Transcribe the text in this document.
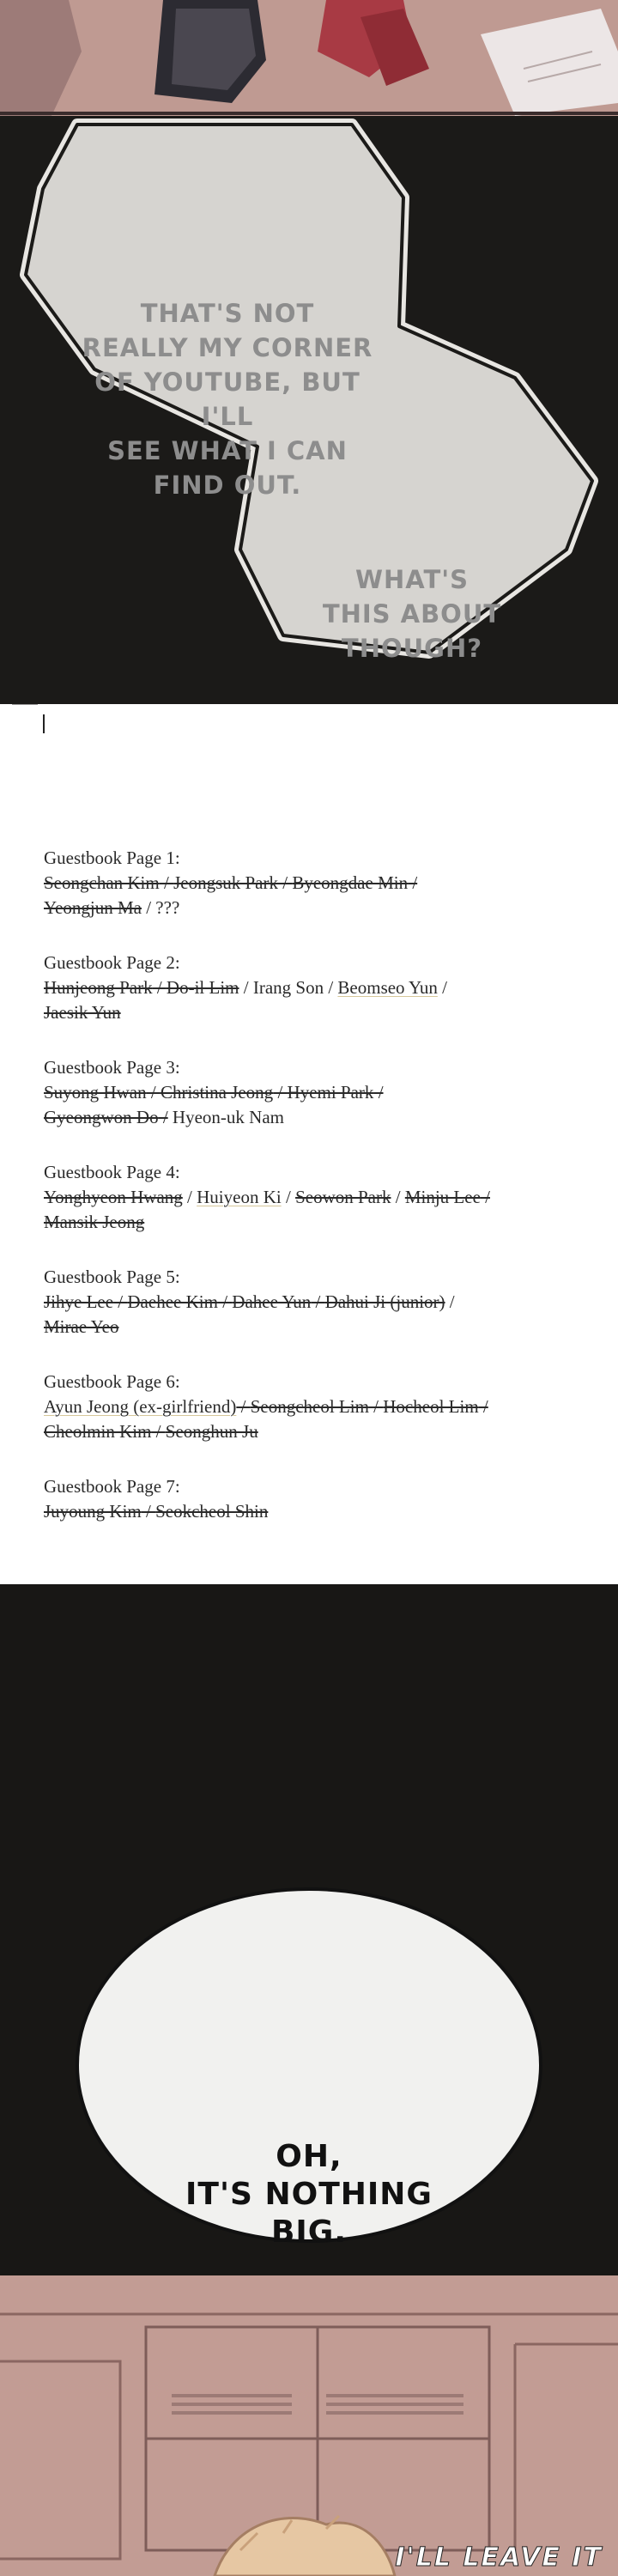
THAT'S NOT
REALLY MY CORNER
OF YOUTUBE, BUT I'LL
SEE WHAT I CAN
FIND OUT.
WHAT'S
THIS ABOUT
THOUGH?
Guestbook Page 1:
Seongchan Kim / Jeongsuk Park / Byeongdae Min /
Yeongjun Ma / ???
Guestbook Page 2:
Hunjeong Park / Do-il Lim / Irang Son / Beomseo Yun /
Jaesik Yun
Guestbook Page 3:
Suyong Hwan / Christina Jeong / Hyemi Park /
Gyeongwon Do / Hyeon-uk Nam
Guestbook Page 4:
Yonghyeon Hwang / Huiyeon Ki / Seowon Park / Minju Lee /
Mansik Jeong
Guestbook Page 5:
Jihye Lee / Daehee Kim / Dahee Yun / Dahui Ji (junior) /
Mirae Yeo
Guestbook Page 6:
Ayun Jeong (ex-girlfriend) / Seongcheol Lim / Hocheol Lim /
Cheolmin Kim / Seonghun Ju
Guestbook Page 7:
Juyoung Kim / Seokcheol Shin
OH,
IT'S NOTHING
BIG.
I'LL LEAVE IT
